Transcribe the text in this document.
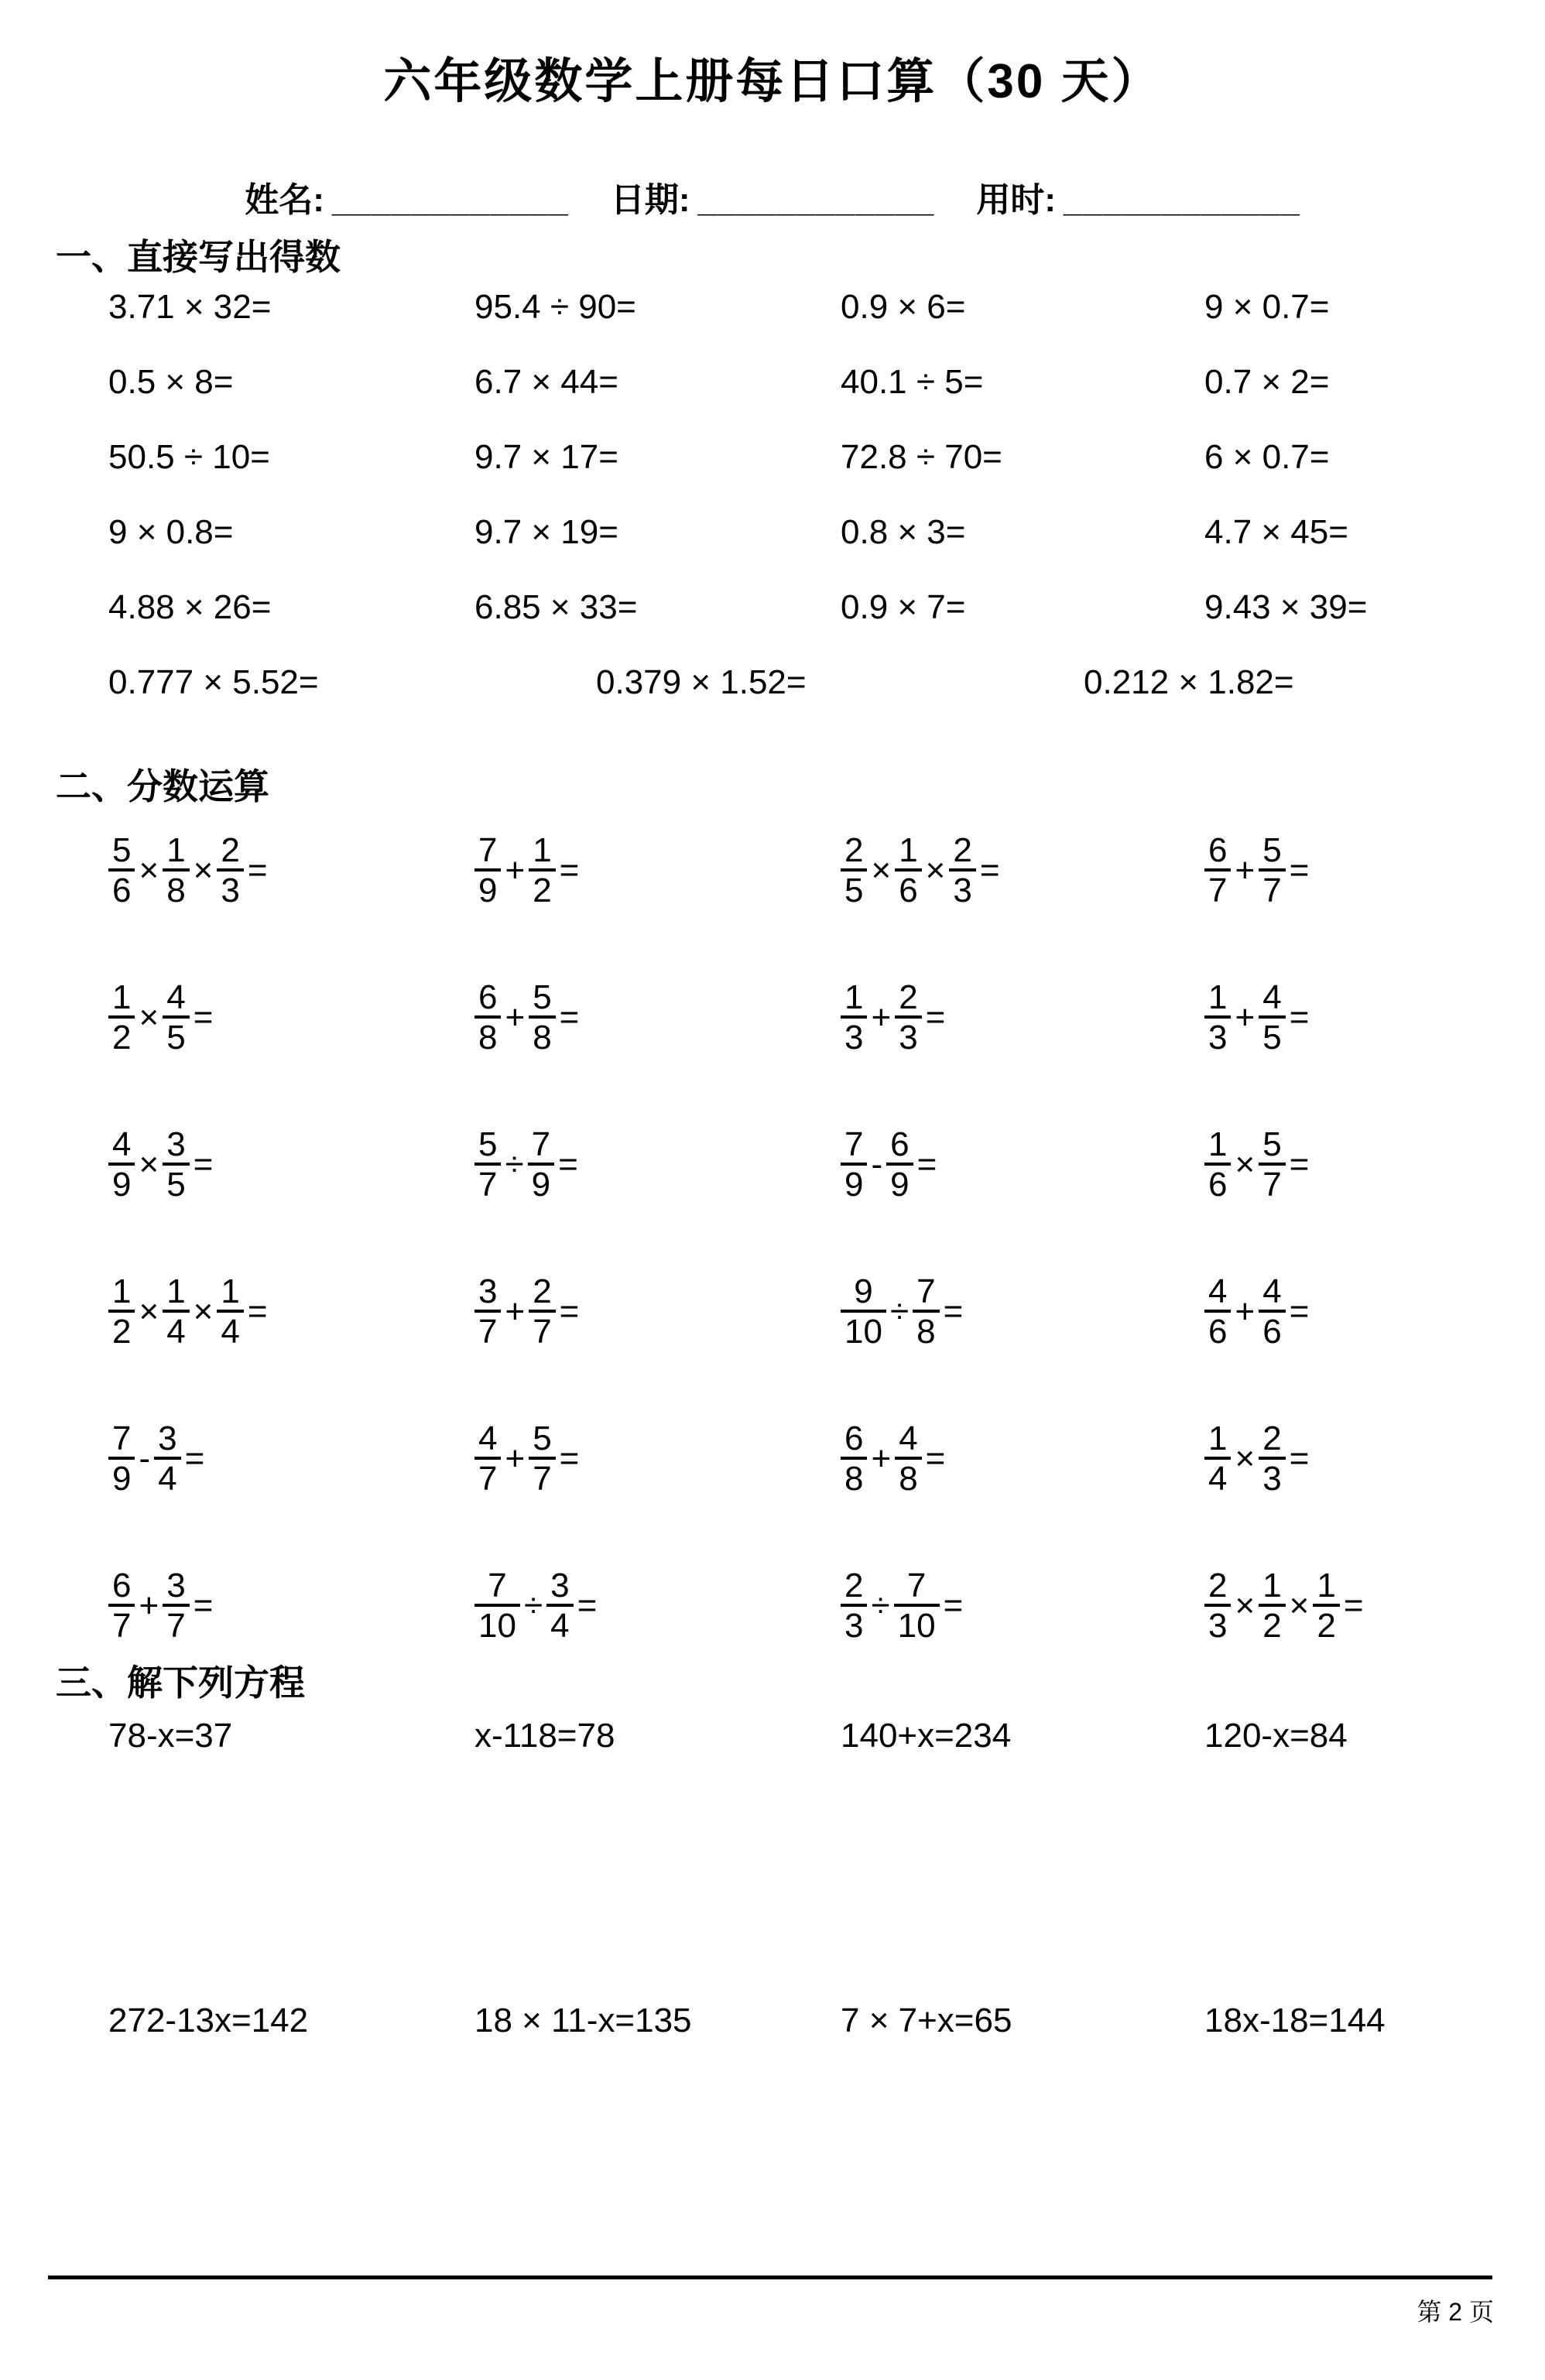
六年级数学上册每日口算（30 天）
姓名: ____________ 日期: ____________ 用时: ____________
一、直接写出得数
3.71 × 32=	95.4 ÷ 90=	0.9 × 6=	9 × 0.7=
0.5 × 8=	6.7 × 44=	40.1 ÷ 5=	0.7 × 2=
50.5 ÷ 10=	9.7 × 17=	72.8 ÷ 70=	6 × 0.7=
9 × 0.8=	9.7 × 19=	0.8 × 3=	4.7 × 45=
4.88 × 26=	6.85 × 33=	0.9 × 7=	9.43 × 39=
0.777 × 5.52=	0.379 × 1.52=	0.212 × 1.82=
二、分数运算
$\frac{5}{6} \times \frac{1}{8} \times \frac{2}{3}$ =	$\frac{7}{9} + \frac{1}{2}$ =	$\frac{2}{5} \times \frac{1}{6} \times \frac{2}{3}$ =	$\frac{6}{7} + \frac{5}{7}$ =
$\frac{1}{2} \times \frac{4}{5}$ =	$\frac{6}{8} + \frac{5}{8}$ =	$\frac{1}{3} + \frac{2}{3}$ =	$\frac{1}{3} + \frac{4}{5}$ =
$\frac{4}{9} \times \frac{3}{5}$ =	$\frac{5}{7} \div \frac{7}{9}$ =	$\frac{7}{9} - \frac{6}{9}$ =	$\frac{1}{6} \times \frac{5}{7}$ =
$\frac{1}{2} \times \frac{1}{4} \times \frac{1}{4}$ =	$\frac{3}{7} + \frac{2}{7}$ =	$\frac{9}{10} \div \frac{7}{8}$ =	$\frac{4}{6} + \frac{4}{6}$ =
$\frac{7}{9} - \frac{3}{4}$ =	$\frac{4}{7} + \frac{5}{7}$ =	$\frac{6}{8} + \frac{4}{8}$ =	$\frac{1}{4} \times \frac{2}{3}$ =
$\frac{6}{7} + \frac{3}{7}$ =	$\frac{7}{10} \div \frac{3}{4}$ =	$\frac{2}{3} \div \frac{7}{10}$ =	$\frac{2}{3} \times \frac{1}{2} \times \frac{1}{2}$ =
三、解下列方程
78-x=37	x-118=78	140+x=234	120-x=84
272-13x=142	18 × 11-x=135	7 × 7+x=65	18x-18=144
第 2 页
